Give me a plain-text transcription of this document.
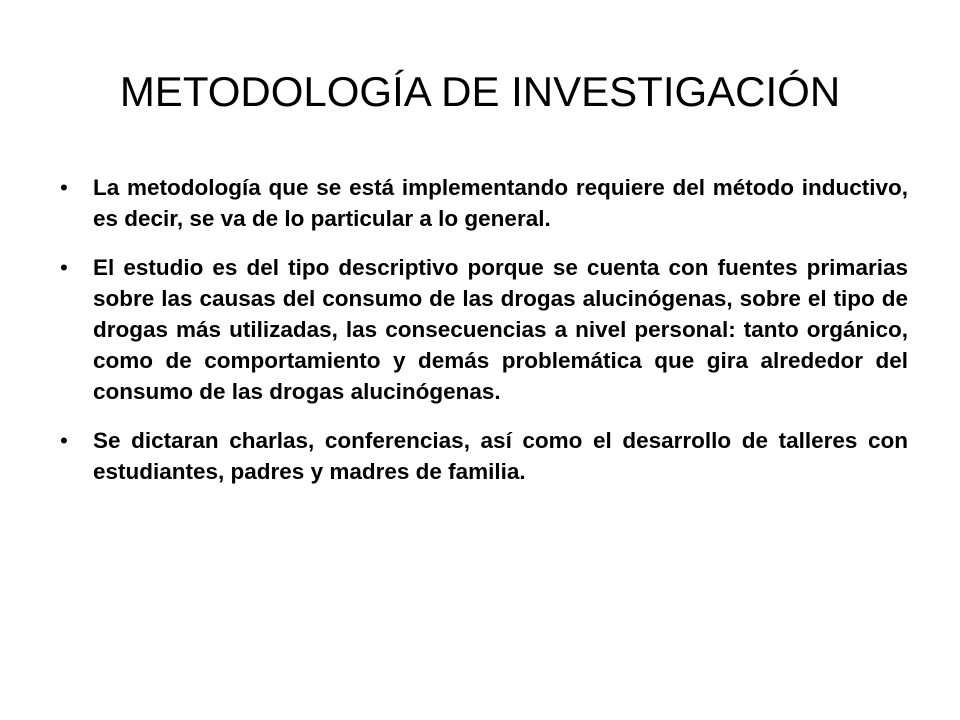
METODOLOGÍA DE INVESTIGACIÓN
•	La metodología que se está implementando requiere del método inductivo, es decir, se va de lo particular a lo general.
•	El estudio es del tipo descriptivo porque se cuenta con fuentes primarias sobre las causas del consumo de las drogas alucinógenas, sobre el tipo de drogas más utilizadas, las consecuencias a nivel personal: tanto orgánico, como de comportamiento y demás problemática que gira alrededor del consumo de las drogas alucinógenas.
•	Se dictaran charlas, conferencias, así como el desarrollo de talleres con estudiantes, padres y madres de familia.
